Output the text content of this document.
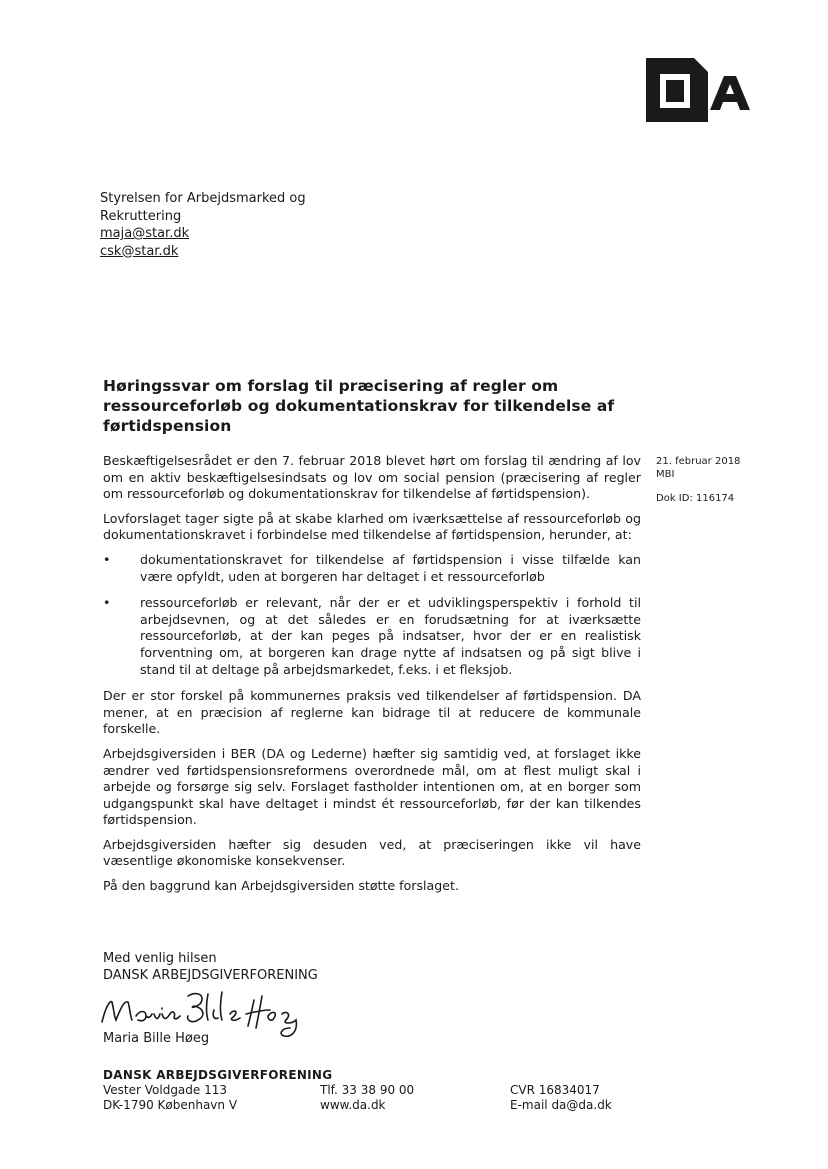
Styrelsen for Arbejdsmarked og
Rekruttering
maja@star.dk
csk@star.dk
Høringssvar om forslag til præcisering af regler om ressourceforløb og dokumentationskrav for tilkendelse af førtidspension
21. februar 2018
MBI
Dok ID: 116174

Beskæftigelsesrådet er den 7. februar 2018 blevet hørt om forslag til ændring af lov om en aktiv beskæftigelsesindsats og lov om social pension (præcisering af regler om ressourceforløb og dokumentationskrav for tilkendelse af førtidspension).

Lovforslaget tager sigte på at skabe klarhed om iværksættelse af ressourceforløb og dokumentationskravet i forbindelse med tilkendelse af førtidspension, herunder, at:

• dokumentationskravet for tilkendelse af førtidspension i visse tilfælde kan være opfyldt, uden at borgeren har deltaget i et ressourceforløb
• ressourceforløb er relevant, når der er et udviklingsperspektiv i forhold til arbejdsevnen, og at det således er en forudsætning for at iværksætte ressourceforløb, at der kan peges på indsatser, hvor der er en realistisk forventning om, at borgeren kan drage nytte af indsatsen og på sigt blive i stand til at deltage på arbejdsmarkedet, f.eks. i et fleksjob.

Der er stor forskel på kommunernes praksis ved tilkendelser af førtidspension. DA mener, at en præcision af reglerne kan bidrage til at reducere de kommunale forskelle.

Arbejdsgiversiden i BER (DA og Lederne) hæfter sig samtidig ved, at forslaget ikke ændrer ved førtidspensionsreformens overordnede mål, om at flest muligt skal i arbejde og forsørge sig selv. Forslaget fastholder intentionen om, at en borger som udgangspunkt skal have deltaget i mindst ét ressourceforløb, før der kan tilkendes førtidspension.

Arbejdsgiversiden hæfter sig desuden ved, at præciseringen ikke vil have væsentlige økonomiske konsekvenser.

På den baggrund kan Arbejdsgiversiden støtte forslaget.

Med venlig hilsen
DANSK ARBEJDSGIVERFORENING
Maria Bille Høeg
DANSK ARBEJDSGIVERFORENING
Vester Voldgade 113	Tlf. 33 38 90 00	CVR 16834017
DK-1790 København V	www.da.dk	E-mail da@da.dk
